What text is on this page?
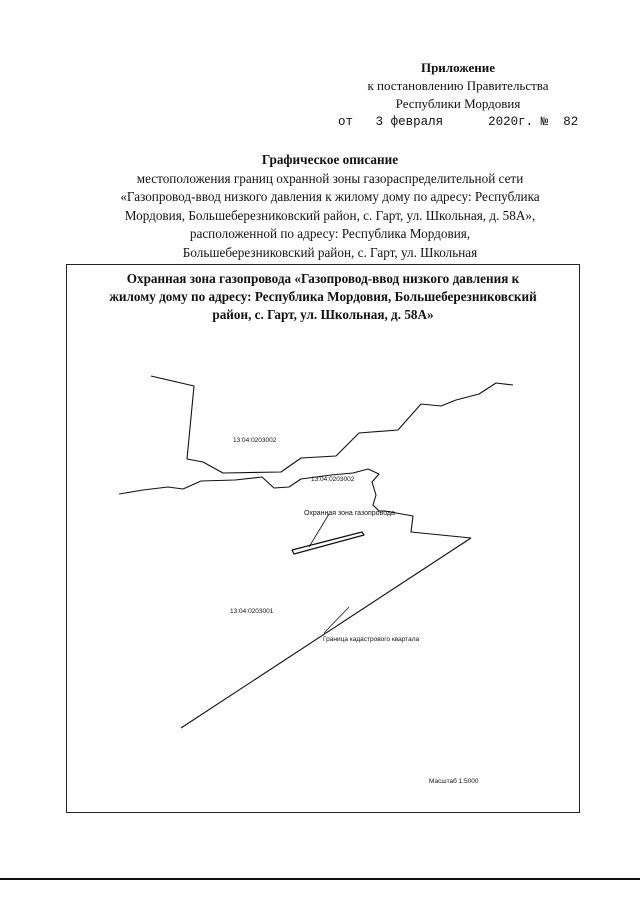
Приложение
к постановлению Правительства
Республики Мордовия
от 3 февраля	2020г. № 82
Графическое описание
местоположения границ охранной зоны газораспределительной сети
«Газопровод-ввод низкого давления к жилому дому по адресу: Республика
Мордовия, Большеберезниковский район, с. Гарт, ул. Школьная, д. 58А»,
расположенной по адресу: Республика Мордовия,
Большеберезниковский район, с. Гарт, ул. Школьная
Охранная зона газопровода «Газопровод-ввод низкого давления к
жилому дому по адресу: Республика Мордовия, Большеберезниковский
район, с. Гарт, ул. Школьная, д. 58А»
13:04:0203002
13:04:0203002
13:04:0203001
Охранная зона газопровода
Граница кадастрового квартала
Масштаб 1:5000
